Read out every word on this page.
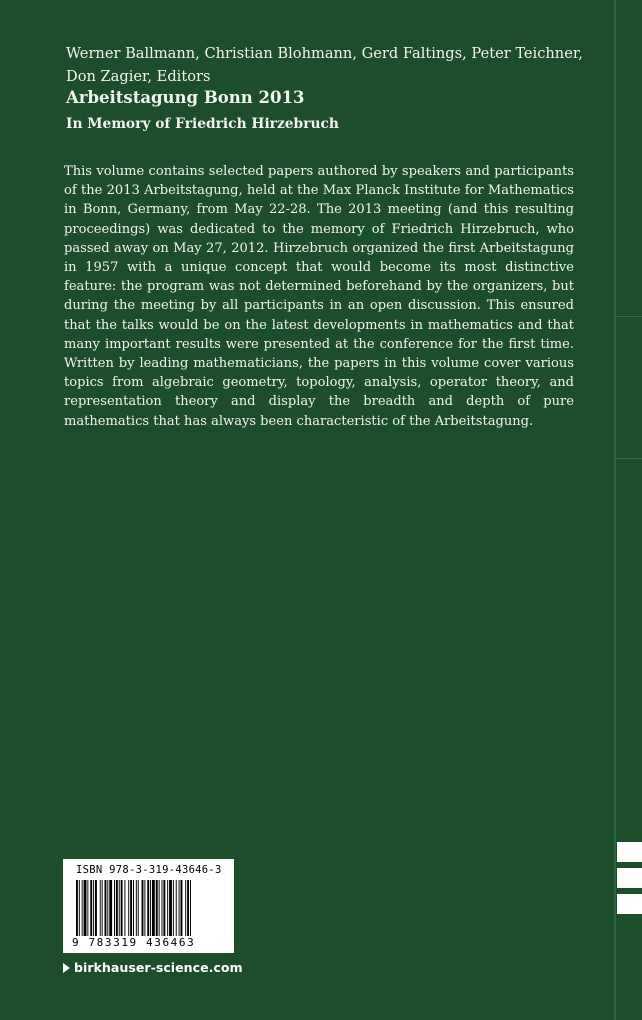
Werner Ballmann, Christian Blohmann, Gerd Faltings, Peter Teichner, Don Zagier, Editors

Arbeitstagung Bonn 2013
In Memory of Friedrich Hirzebruch

This volume contains selected papers authored by speakers and participants of the 2013 Arbeitstagung, held at the Max Planck Institute for Mathematics in Bonn, Germany, from May 22-28. The 2013 meeting (and this resulting proceedings) was dedicated to the memory of Friedrich Hirzebruch, who passed away on May 27, 2012. Hirzebruch organized the first Arbeitstagung in 1957 with a unique concept that would become its most distinctive feature: the program was not determined beforehand by the organizers, but during the meeting by all participants in an open discussion. This ensured that the talks would be on the latest developments in mathematics and that many important results were presented at the conference for the first time. Written by leading mathematicians, the papers in this volume cover various topics from algebraic geometry, topology, analysis, operator theory, and representation theory and display the breadth and depth of pure mathematics that has always been characteristic of the Arbeitstagung.

ISBN 978-3-319-43646-3
9 783319 436463
birkhauser-science.com
